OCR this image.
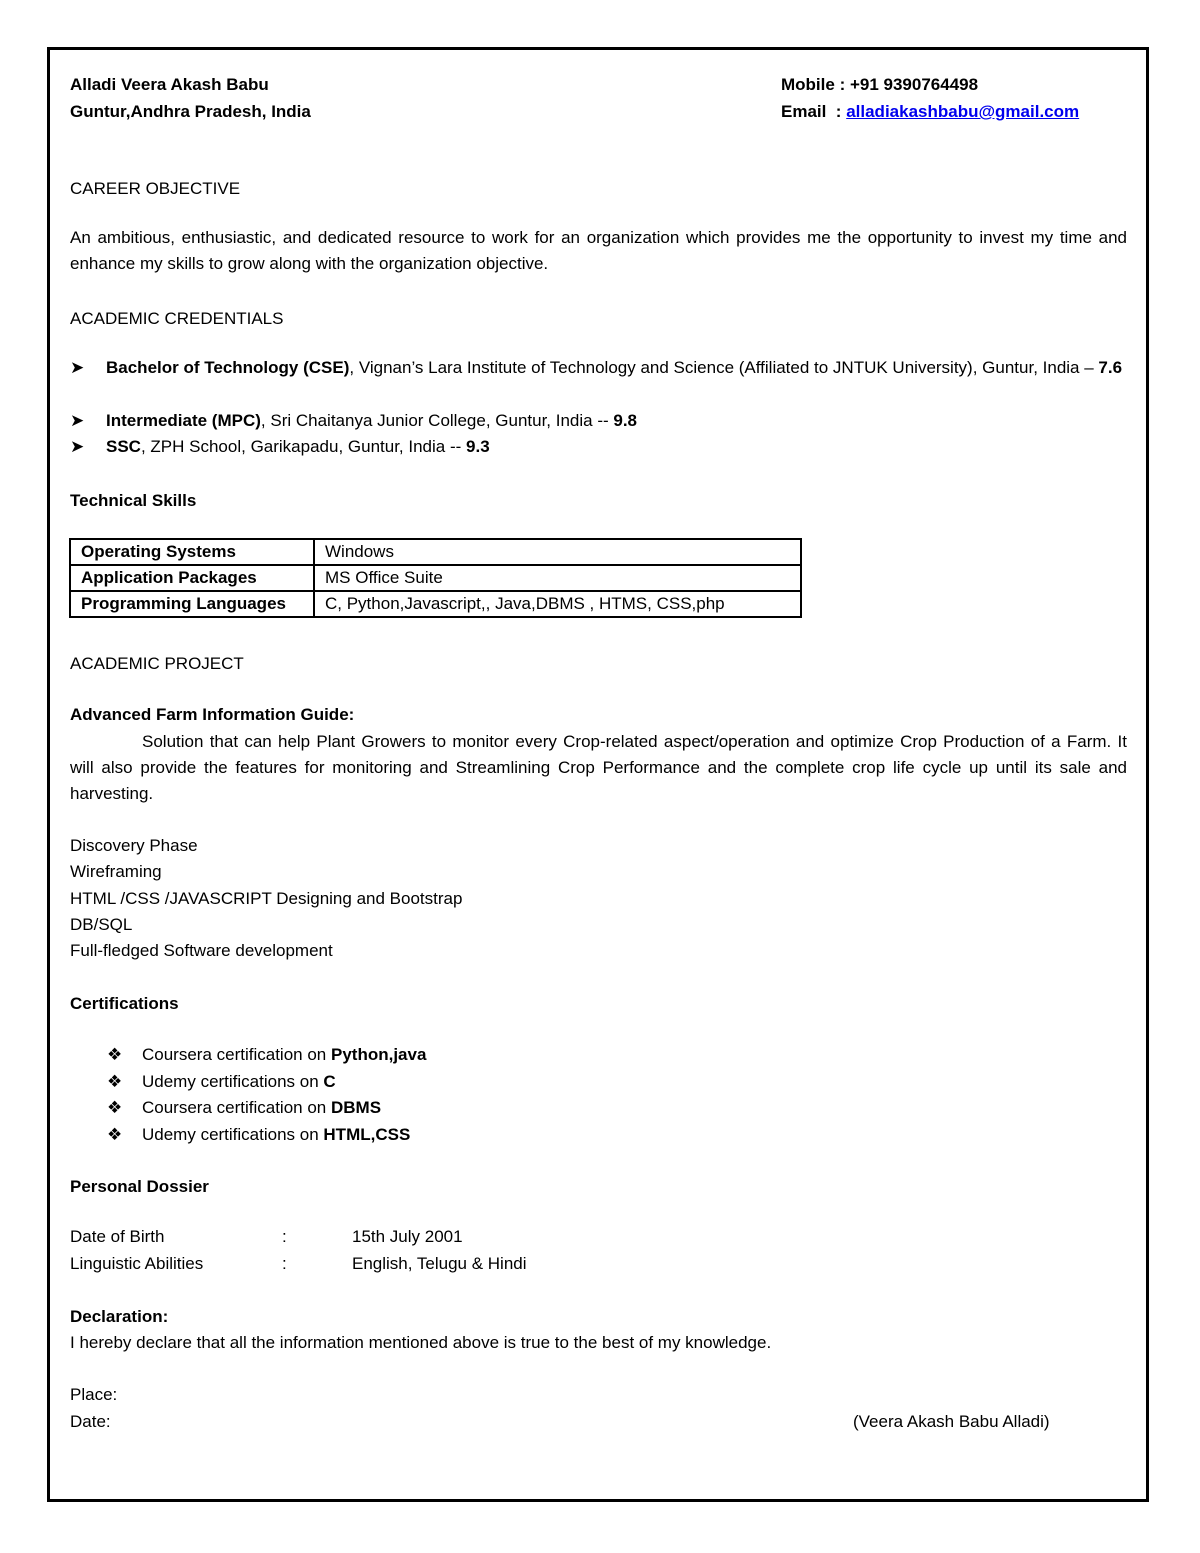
Alladi Veera Akash Babu
Guntur,Andhra Pradesh, India
Mobile : +91 9390764498
Email  : alladiakashbabu@gmail.com
CAREER OBJECTIVE
An ambitious, enthusiastic, and dedicated resource to work for an organization which provides me the opportunity to invest my time and enhance my skills to grow along with the organization objective.
ACADEMIC CREDENTIALS
➤	Bachelor of Technology (CSE), Vignan’s Lara Institute of Technology and Science (Affiliated to JNTUK University), Guntur, India – 7.6
➤	Intermediate (MPC), Sri Chaitanya Junior College, Guntur, India -- 9.8
➤	SSC, ZPH School, Garikapadu, Guntur, India -- 9.3
Technical Skills
Operating Systems	Windows
Application Packages	MS Office Suite
Programming Languages	C, Python,Javascript,, Java,DBMS , HTMS, CSS,php
ACADEMIC PROJECT
Advanced Farm Information Guide:
Solution that can help Plant Growers to monitor every Crop-related aspect/operation and optimize Crop Production of a Farm. It will also provide the features for monitoring and Streamlining Crop Performance and the complete crop life cycle up until its sale and harvesting.
Discovery Phase
Wireframing
HTML /CSS /JAVASCRIPT Designing and Bootstrap
DB/SQL
Full-fledged Software development
Certifications
❖ Coursera certification on Python,java
❖ Udemy certifications on C
❖ Coursera certification on DBMS
❖ Udemy certifications on HTML,CSS
Personal Dossier
Date of Birth	:	15th July 2001
Linguistic Abilities	:	English, Telugu & Hindi
Declaration:
I hereby declare that all the information mentioned above is true to the best of my knowledge.
Place:
Date:	(Veera Akash Babu Alladi)
